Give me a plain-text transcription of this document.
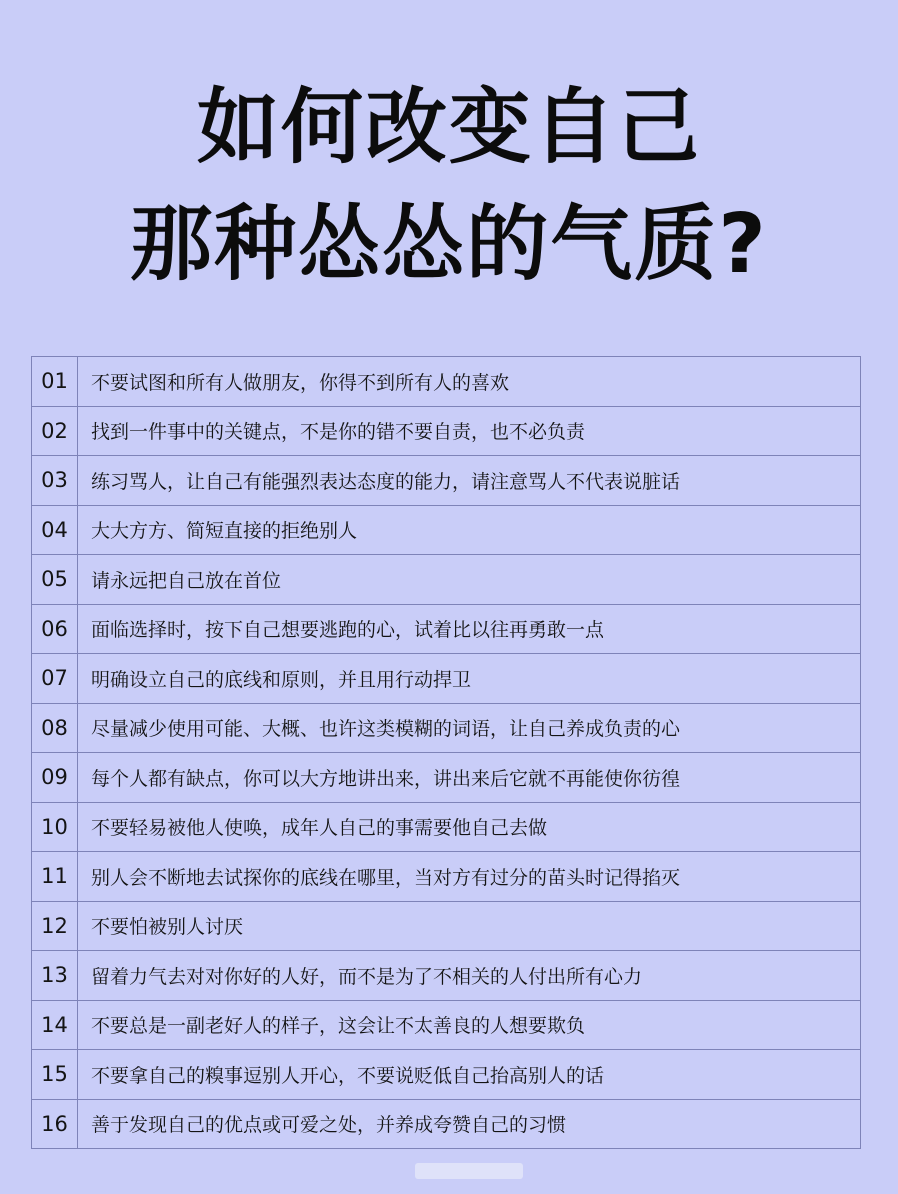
如何改变自己
那种怂怂的气质?
01	不要试图和所有人做朋友，你得不到所有人的喜欢
02	找到一件事中的关键点，不是你的错不要自责，也不必负责
03	练习骂人，让自己有能强烈表达态度的能力，请注意骂人不代表说脏话
04	大大方方、简短直接的拒绝别人
05	请永远把自己放在首位
06	面临选择时，按下自己想要逃跑的心，试着比以往再勇敢一点
07	明确设立自己的底线和原则，并且用行动捍卫
08	尽量减少使用可能、大概、也许这类模糊的词语，让自己养成负责的心
09	每个人都有缺点，你可以大方地讲出来，讲出来后它就不再能使你彷徨
10	不要轻易被他人使唤，成年人自己的事需要他自己去做
11	别人会不断地去试探你的底线在哪里，当对方有过分的苗头时记得掐灭
12	不要怕被别人讨厌
13	留着力气去对对你好的人好，而不是为了不相关的人付出所有心力
14	不要总是一副老好人的样子，这会让不太善良的人想要欺负
15	不要拿自己的糗事逗别人开心，不要说贬低自己抬高别人的话
16	善于发现自己的优点或可爱之处，并养成夸赞自己的习惯
